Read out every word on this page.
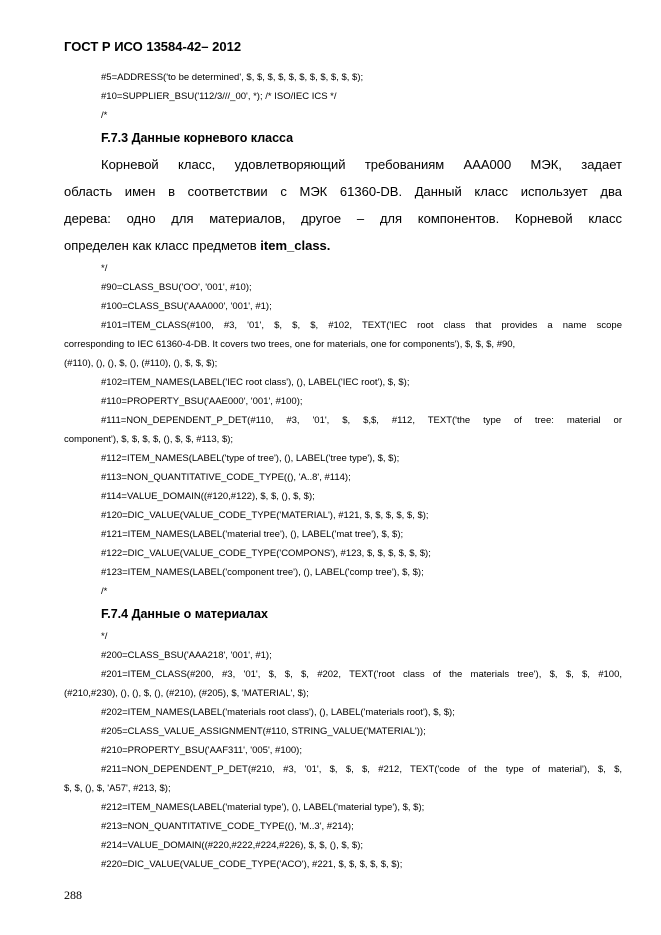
ГОСТ Р ИСО 13584-42– 2012
#5=ADDRESS('to be determined', $, $, $, $, $, $, $, $, $, $, $);
#10=SUPPLIER_BSU('112/3///_00', *); /* ISO/IEC ICS */
/*
F.7.3 Данные корневого класса
Корневой класс, удовлетворяющий требованиям AAA000 МЭК, задает
область имен в соответствии с МЭК 61360-DB. Данный класс использует два
дерева: одно для материалов, другое – для компонентов. Корневой класс
определен как класс предметов item_class.
*/
#90=CLASS_BSU('OO', '001', #10);
#100=CLASS_BSU('AAA000', '001', #1);
#101=ITEM_CLASS(#100, #3, '01', $, $, $, #102, TEXT('IEC root class that provides a name scope
corresponding to IEC 61360-4-DB. It covers two trees, one for materials, one for components'), $, $, $, #90,
(#110), (), (), $, (), (#110), (), $, $, $);
#102=ITEM_NAMES(LABEL('IEC root class'), (), LABEL('IEC root'), $, $);
#110=PROPERTY_BSU('AAE000', '001', #100);
#111=NON_DEPENDENT_P_DET(#110, #3, '01', $, $,$, #112, TEXT('the type of tree: material or
component'), $, $, $, $, (), $, $, #113, $);
#112=ITEM_NAMES(LABEL('type of tree'), (), LABEL('tree type'), $, $);
#113=NON_QUANTITATIVE_CODE_TYPE((), 'A..8', #114);
#114=VALUE_DOMAIN((#120,#122), $, $, (), $, $);
#120=DIC_VALUE(VALUE_CODE_TYPE('MATERIAL'), #121, $, $, $, $, $, $);
#121=ITEM_NAMES(LABEL('material tree'), (), LABEL('mat tree'), $, $);
#122=DIC_VALUE(VALUE_CODE_TYPE('COMPONS'), #123, $, $, $, $, $, $);
#123=ITEM_NAMES(LABEL('component tree'), (), LABEL('comp tree'), $, $);
/*
F.7.4 Данные о материалах
*/
#200=CLASS_BSU('AAA218', '001', #1);
#201=ITEM_CLASS(#200, #3, '01', $, $, $, #202, TEXT('root class of the materials tree'), $, $, $, #100,
(#210,#230), (), (), $, (), (#210), (#205), $, 'MATERIAL', $);
#202=ITEM_NAMES(LABEL('materials root class'), (), LABEL('materials root'), $, $);
#205=CLASS_VALUE_ASSIGNMENT(#110, STRING_VALUE('MATERIAL'));
#210=PROPERTY_BSU('AAF311', '005', #100);
#211=NON_DEPENDENT_P_DET(#210, #3, '01', $, $, $, #212, TEXT('code of the type of material'), $, $,
$, $, (), $, 'A57', #213, $);
#212=ITEM_NAMES(LABEL('material type'), (), LABEL('material type'), $, $);
#213=NON_QUANTITATIVE_CODE_TYPE((), 'M..3', #214);
#214=VALUE_DOMAIN((#220,#222,#224,#226), $, $, (), $, $);
#220=DIC_VALUE(VALUE_CODE_TYPE('ACO'), #221, $, $, $, $, $, $);
288
